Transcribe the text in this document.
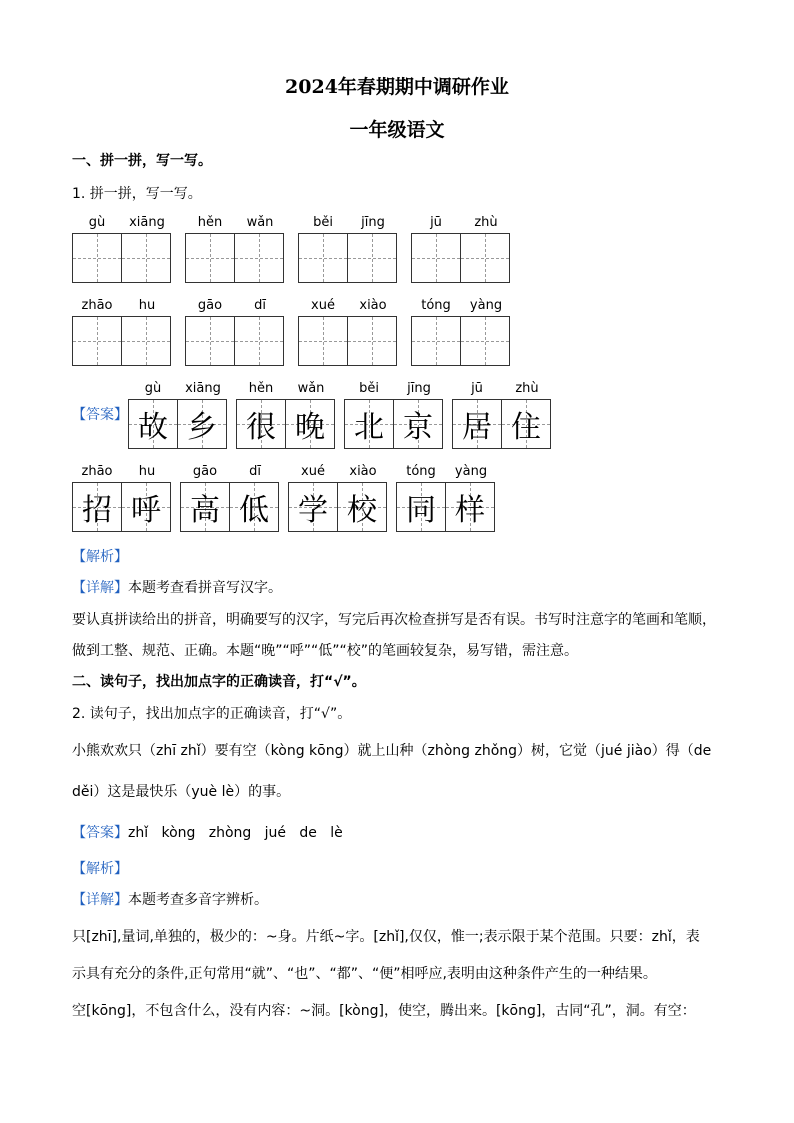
2024年春期期中调研作业
一年级语文
一、拼一拼，写一写。
1. 拼一拼，写一写。
gù	xiāng	hěn	wǎn	běi	jīng	jū	zhù
zhāo	hu	gāo	dī	xué	xiào	tóng	yàng
【答案】
gù	xiāng
故 乡
hěn	wǎn
很 晚
běi	jīng
北 京
jū	zhù
居 住
zhāo	hu
招 呼
gāo	dī
高 低
xué	xiào
学 校
tóng	yàng
同 样
【解析】
【详解】本题考查看拼音写汉字。
要认真拼读给出的拼音，明确要写的汉字，写完后再次检查拼写是否有误。书写时注意字的笔画和笔顺，
做到工整、规范、正确。本题“晚”“呼”“低”“校”的笔画较复杂，易写错，需注意。
二、读句子，找出加点字的正确读音，打“√”。
2. 读句子，找出加点字的正确读音，打“√”。
小熊欢欢只（zhī zhǐ）要有空（kòng kōng）就上山种（zhòng zhǒng）树，它觉（jué jiào）得（de
děi）这是最快乐（yuè lè）的事。
【答案】zhǐ   kòng   zhòng   jué   de   lè
【解析】
【详解】本题考查多音字辨析。
只[zhī],量词,单独的，极少的：~身。片纸~字。[zhǐ],仅仅，惟一;表示限于某个范围。只要：zhǐ，表
示具有充分的条件,正句常用“就”、“也”、“都”、“便”相呼应,表明由这种条件产生的一种结果。
空[kōng]，不包含什么，没有内容：~洞。[kòng]，使空，腾出来。[kōng]，古同“孔”，洞。有空：
